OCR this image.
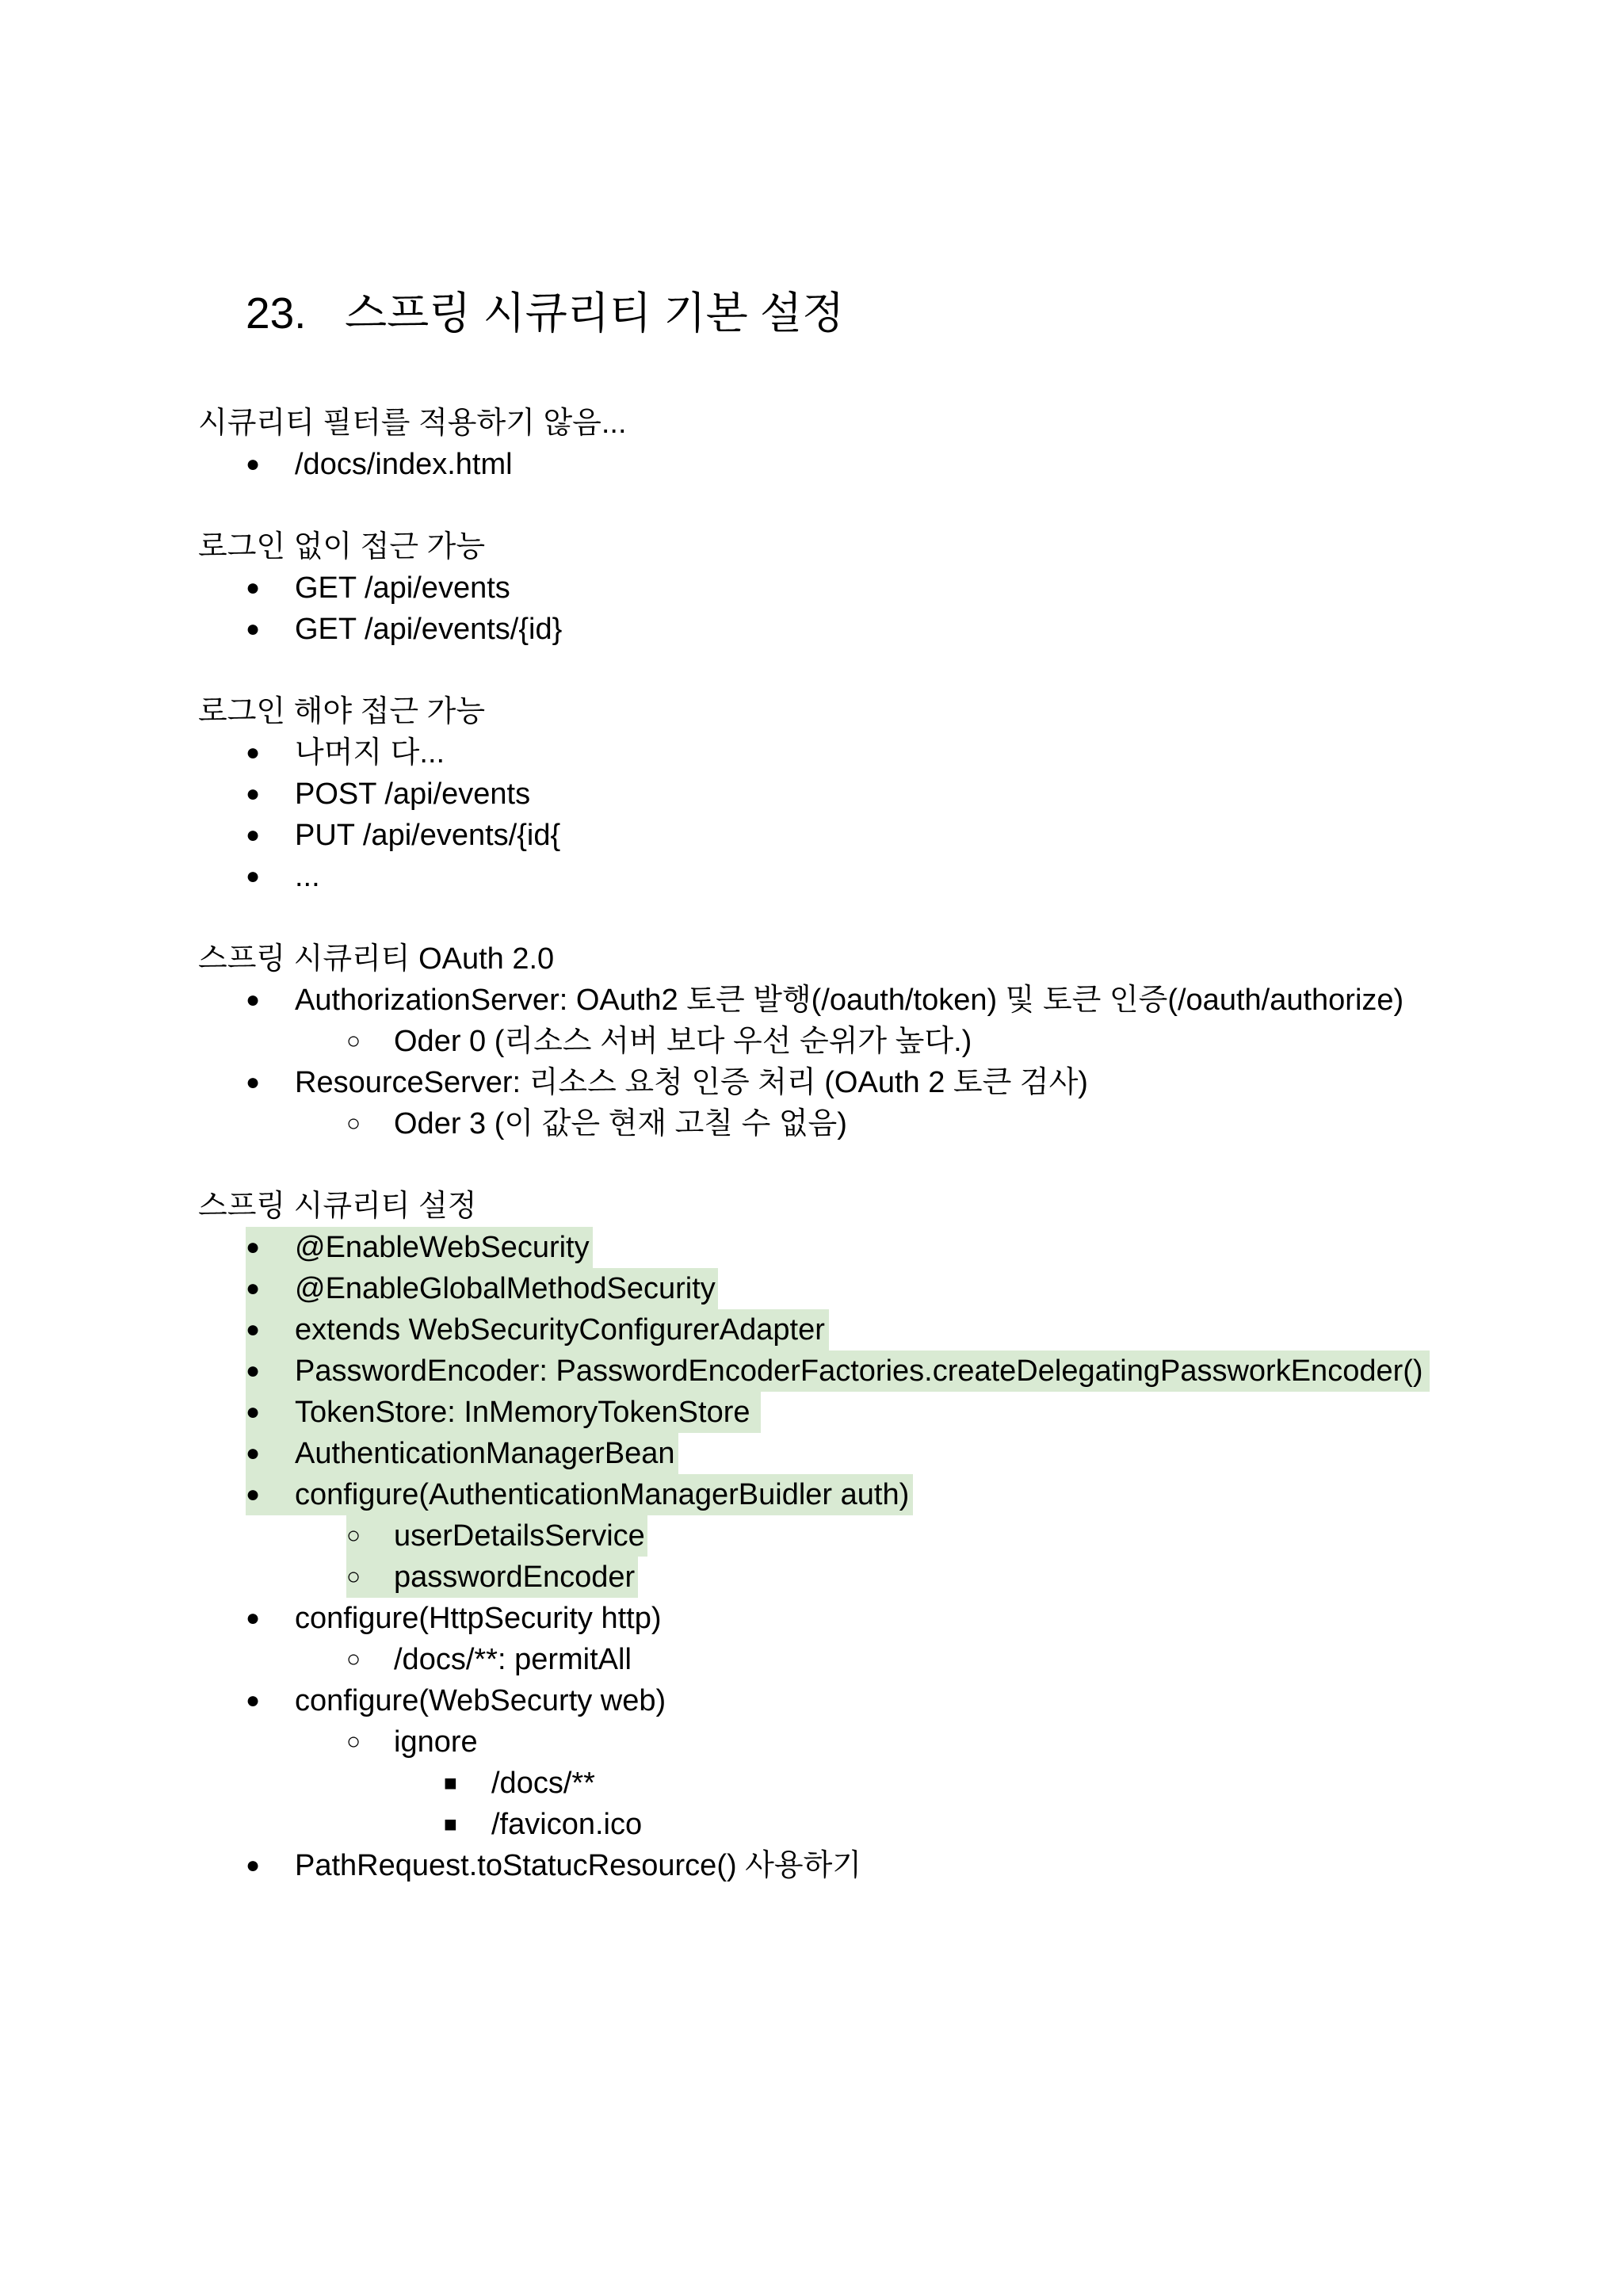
23. 스프링 시큐리티 기본 설정
시큐리티 필터를 적용하기 않음...
● /docs/index.html
로그인 없이 접근 가능
● GET /api/events
● GET /api/events/{id}
로그인 해야 접근 가능
● 나머지 다...
● POST /api/events
● PUT /api/events/{id{
● ...
스프링 시큐리티 OAuth 2.0
● AuthorizationServer: OAuth2 토큰 발행(/oauth/token) 및 토큰 인증(/oauth/authorize)
○ Oder 0 (리소스 서버 보다 우선 순위가 높다.)
● ResourceServer: 리소스 요청 인증 처리 (OAuth 2 토큰 검사)
○ Oder 3 (이 값은 현재 고칠 수 없음)
스프링 시큐리티 설정
● @EnableWebSecurity
● @EnableGlobalMethodSecurity
● extends WebSecurityConfigurerAdapter
● PasswordEncoder: PasswordEncoderFactories.createDelegatingPassworkEncoder()
● TokenStore: InMemoryTokenStore
● AuthenticationManagerBean
● configure(AuthenticationManagerBuidler auth)
○ userDetailsService
○ passwordEncoder
● configure(HttpSecurity http)
○ /docs/**: permitAll
● configure(WebSecurty web)
○ ignore
■ /docs/**
■ /favicon.ico
● PathRequest.toStatucResource() 사용하기
